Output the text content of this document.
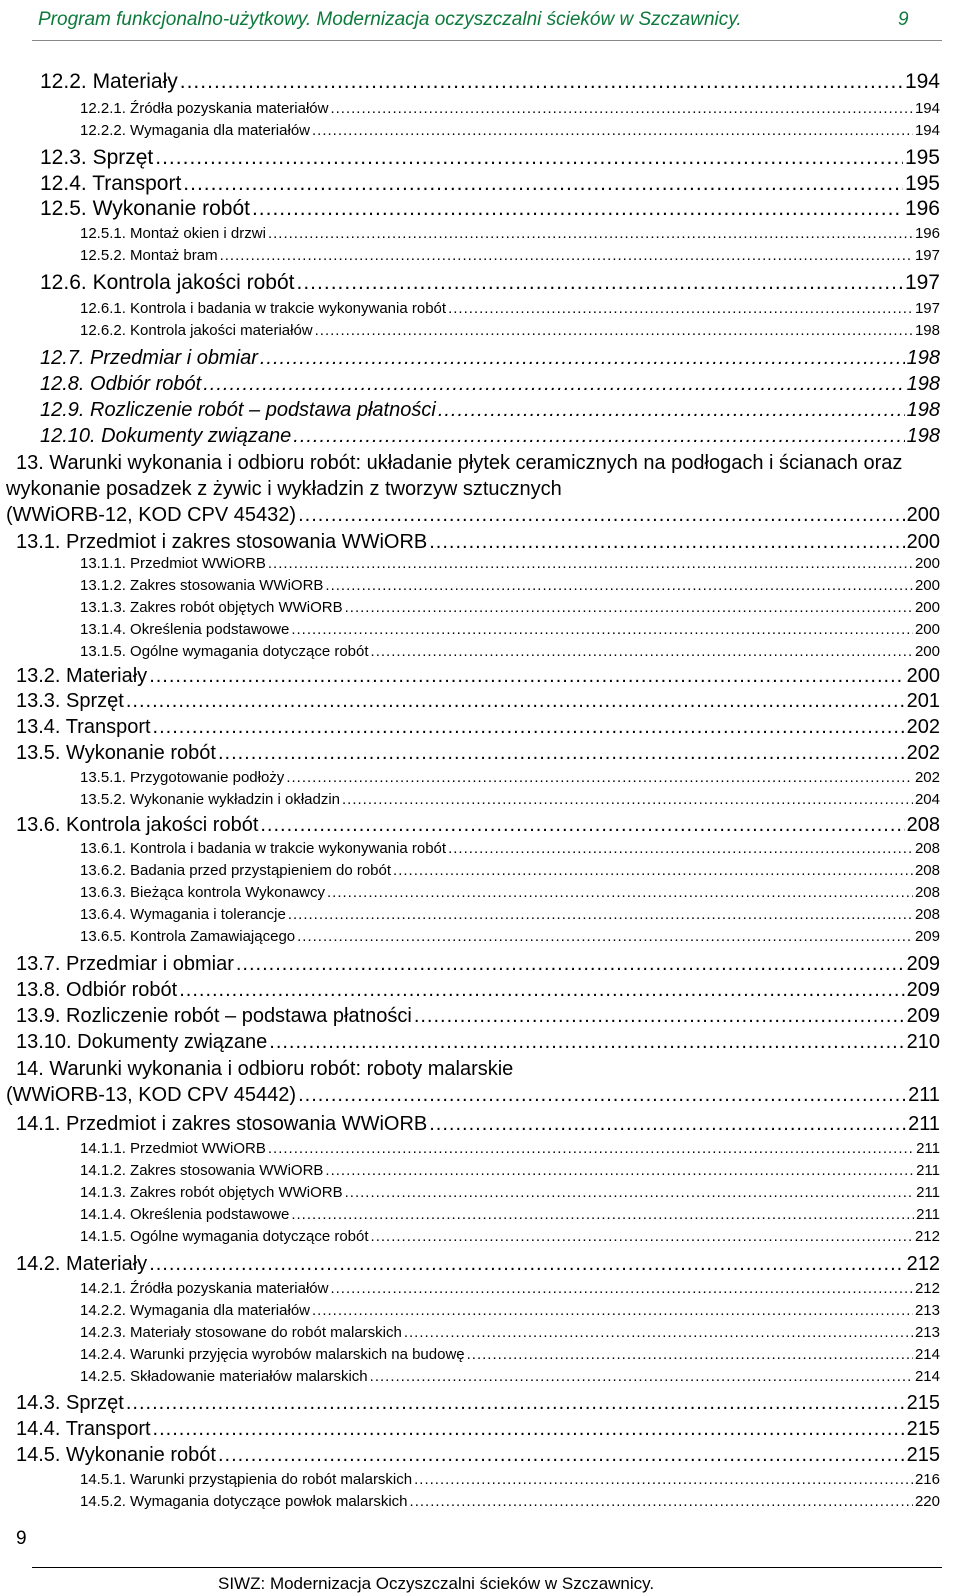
Program funkcjonalno-użytkowy. Modernizacja oczyszczalni ścieków w Szczawnicy.	9
12.2. Materiały .....	194
12.2.1. Źródła pozyskania materiałów .....	194
12.2.2. Wymagania dla materiałów .....	194
12.3. Sprzęt .....	195
12.4. Transport .....	195
12.5. Wykonanie robót .....	196
12.5.1. Montaż okien i drzwi .....	196
12.5.2. Montaż bram .....	197
12.6. Kontrola jakości robót .....	197
12.6.1. Kontrola i badania w trakcie wykonywania robót .....	197
12.6.2. Kontrola jakości materiałów .....	198
12.7. Przedmiar i obmiar .....	198
12.8. Odbiór robót .....	198
12.9. Rozliczenie robót – podstawa płatności .....	198
12.10. Dokumenty związane .....	198
13. Warunki wykonania i odbioru robót: układanie płytek ceramicznych na podłogach i ścianach oraz
wykonanie posadzek z żywic i wykładzin z tworzyw sztucznych
(WWiORB-12, KOD CPV 45432) .....	200
13.1. Przedmiot i zakres stosowania WWiORB .....	200
13.1.1. Przedmiot WWiORB .....	200
13.1.2. Zakres stosowania WWiORB .....	200
13.1.3. Zakres robót objętych WWiORB .....	200
13.1.4. Określenia podstawowe .....	200
13.1.5. Ogólne wymagania dotyczące robót .....	200
13.2. Materiały .....	200
13.3. Sprzęt .....	201
13.4. Transport .....	202
13.5. Wykonanie robót .....	202
13.5.1. Przygotowanie podłoży .....	202
13.5.2. Wykonanie wykładzin i okładzin .....	204
13.6. Kontrola jakości robót .....	208
13.6.1. Kontrola i badania w trakcie wykonywania robót .....	208
13.6.2. Badania przed przystąpieniem do robót .....	208
13.6.3. Bieżąca kontrola Wykonawcy .....	208
13.6.4. Wymagania i tolerancje .....	208
13.6.5. Kontrola Zamawiającego .....	209
13.7. Przedmiar i obmiar .....	209
13.8. Odbiór robót .....	209
13.9. Rozliczenie robót – podstawa płatności .....	209
13.10. Dokumenty związane .....	210
14. Warunki wykonania i odbioru robót: roboty malarskie
(WWiORB-13, KOD CPV 45442) .....	211
14.1. Przedmiot i zakres stosowania WWiORB .....	211
14.1.1. Przedmiot WWiORB .....	211
14.1.2. Zakres stosowania WWiORB .....	211
14.1.3. Zakres robót objętych WWiORB .....	211
14.1.4. Określenia podstawowe .....	211
14.1.5. Ogólne wymagania dotyczące robót .....	212
14.2. Materiały .....	212
14.2.1. Źródła pozyskania materiałów .....	212
14.2.2. Wymagania dla materiałów .....	213
14.2.3. Materiały stosowane do robót malarskich .....	213
14.2.4. Warunki przyjęcia wyrobów malarskich na budowę .....	214
14.2.5. Składowanie materiałów malarskich .....	214
14.3. Sprzęt .....	215
14.4. Transport .....	215
14.5. Wykonanie robót .....	215
14.5.1. Warunki przystąpienia do robót malarskich .....	216
14.5.2. Wymagania dotyczące powłok malarskich .....	220
9
SIWZ: Modernizacja Oczyszczalni ścieków w Szczawnicy.
